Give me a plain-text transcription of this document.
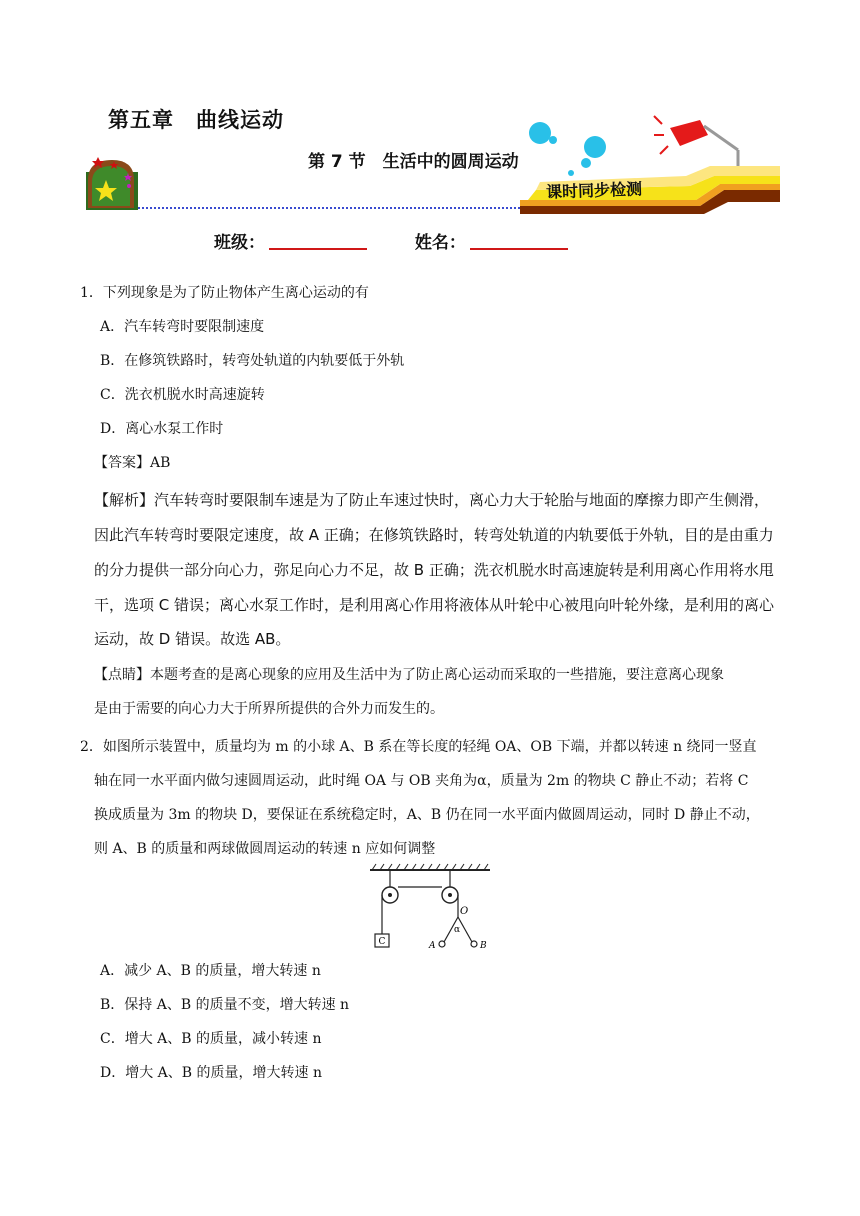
第五章　曲线运动
第 7 节　生活中的圆周运动
课时同步检测
班级：	姓名：
1．下列现象是为了防止物体产生离心运动的有
A．汽车转弯时要限制速度
B．在修筑铁路时，转弯处轨道的内轨要低于外轨
C．洗衣机脱水时高速旋转
D．离心水泵工作时
【答案】AB
【解析】汽车转弯时要限制车速是为了防止车速过快时，离心力大于轮胎与地面的摩擦力即产生侧滑，
因此汽车转弯时要限定速度，故 A 正确；在修筑铁路时，转弯处轨道的内轨要低于外轨，目的是由重力
的分力提供一部分向心力，弥足向心力不足，故 B 正确；洗衣机脱水时高速旋转是利用离心作用将水甩
干，选项 C 错误；离心水泵工作时，是利用离心作用将液体从叶轮中心被甩向叶轮外缘，是利用的离心
运动，故 D 错误。故选 AB。
【点睛】本题考查的是离心现象的应用及生活中为了防止离心运动而采取的一些措施，要注意离心现象
是由于需要的向心力大于所界所提供的合外力而发生的。
2．如图所示装置中，质量均为 m 的小球 A、B 系在等长度的轻绳 OA、OB 下端，并都以转速 n 绕同一竖直
轴在同一水平面内做匀速圆周运动，此时绳 OA 与 OB 夹角为α，质量为 2m 的物块 C 静止不动；若将 C
换成质量为 3m 的物块 D，要保证在系统稳定时，A、B 仍在同一水平面内做圆周运动，同时 D 静止不动，
则 A、B 的质量和两球做圆周运动的转速 n 应如何调整
C
O
α
A	B
A．减少 A、B 的质量，增大转速 n
B．保持 A、B 的质量不变，增大转速 n
C．增大 A、B 的质量，减小转速 n
D．增大 A、B 的质量，增大转速 n
